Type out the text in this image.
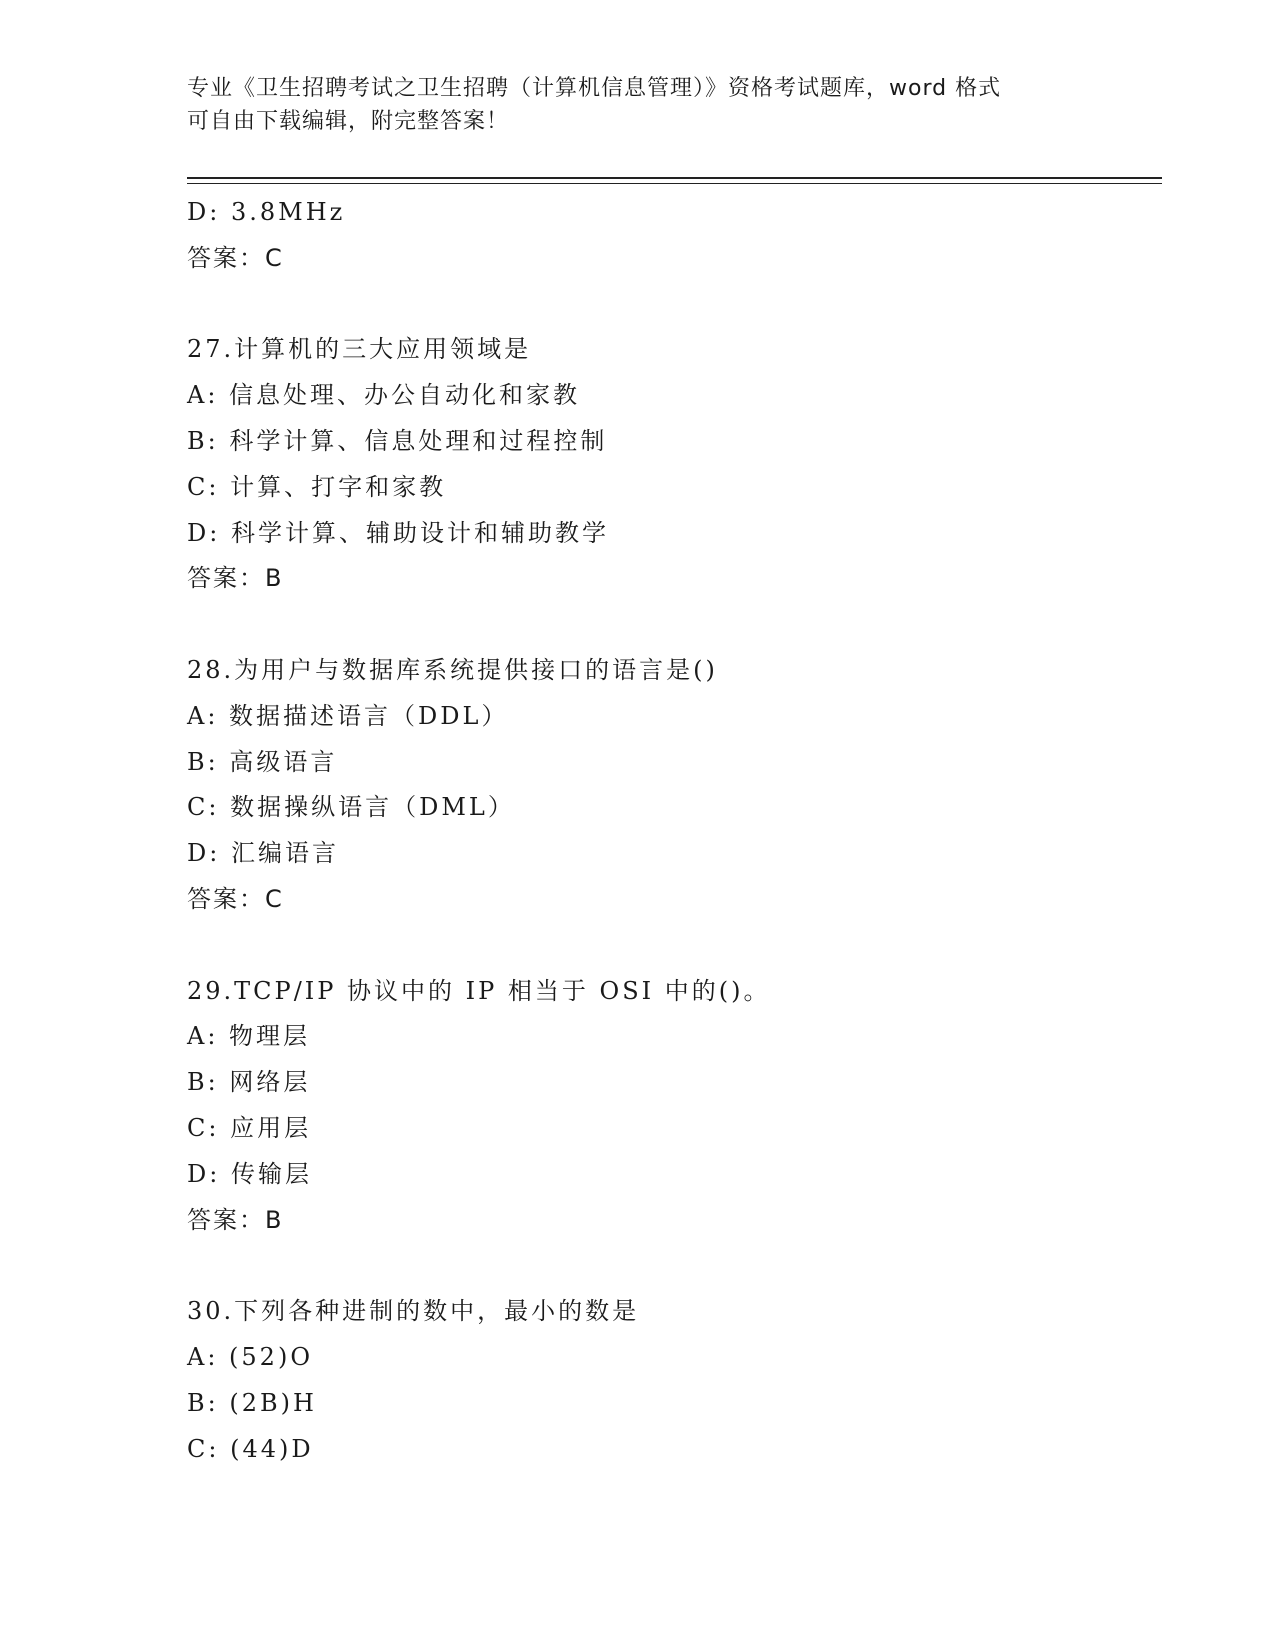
专业《卫生招聘考试之卫生招聘（计算机信息管理）》资格考试题库，word 格式
可自由下载编辑，附完整答案！
D: 3.8MHz
答案：C
27.计算机的三大应用领域是
A: 信息处理、办公自动化和家教
B: 科学计算、信息处理和过程控制
C: 计算、打字和家教
D: 科学计算、辅助设计和辅助教学
答案：B
28.为用户与数据库系统提供接口的语言是()
A: 数据描述语言（DDL）
B: 高级语言
C: 数据操纵语言（DML）
D: 汇编语言
答案：C
29.TCP/IP 协议中的 IP 相当于 OSI 中的()。
A: 物理层
B: 网络层
C: 应用层
D: 传输层
答案：B
30.下列各种进制的数中，最小的数是
A: (52)O
B: (2B)H
C: (44)D
